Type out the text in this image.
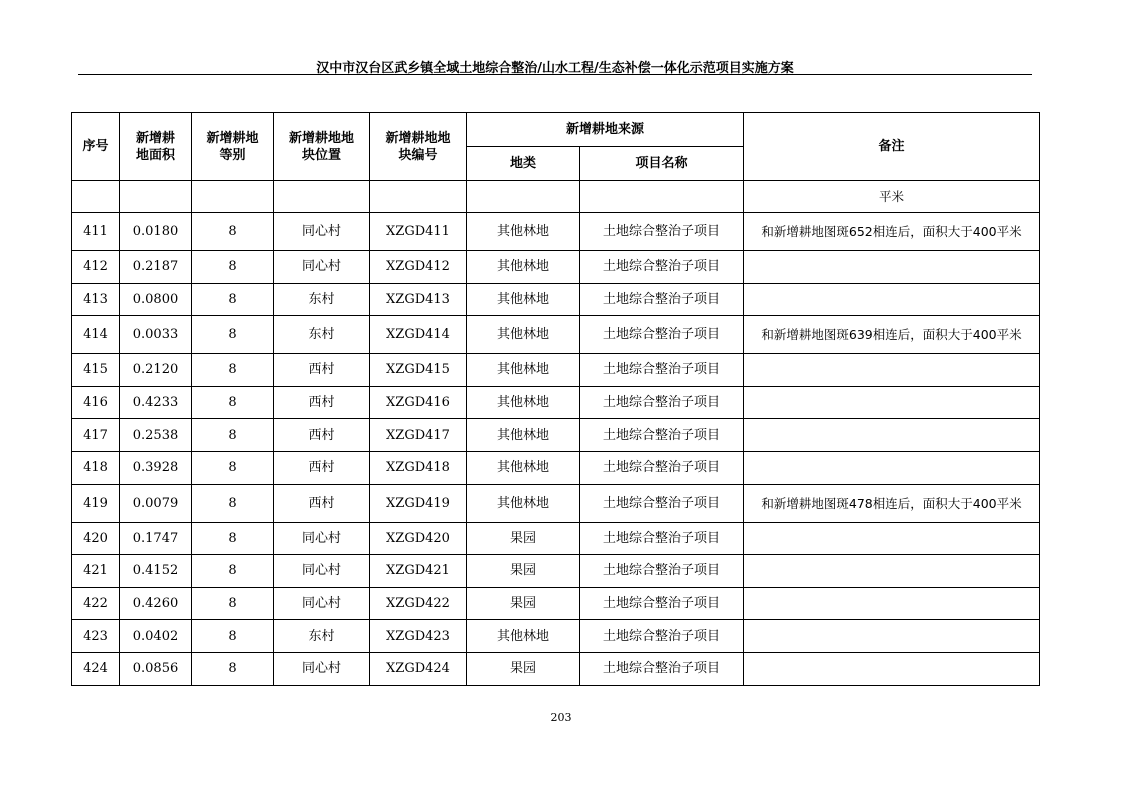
汉中市汉台区武乡镇全域土地综合整治/山水工程/生态补偿一体化示范项目实施方案
序号	新增耕地面积	新增耕地等别	新增耕地地块位置	新增耕地地块编号	新增耕地来源		备注
					地类	项目名称	
							平米
411	0.0180	8	同心村	XZGD411	其他林地	土地综合整治子项目	和新增耕地图斑652相连后，面积大于400平米
412	0.2187	8	同心村	XZGD412	其他林地	土地综合整治子项目	
413	0.0800	8	东村	XZGD413	其他林地	土地综合整治子项目	
414	0.0033	8	东村	XZGD414	其他林地	土地综合整治子项目	和新增耕地图斑639相连后，面积大于400平米
415	0.2120	8	西村	XZGD415	其他林地	土地综合整治子项目	
416	0.4233	8	西村	XZGD416	其他林地	土地综合整治子项目	
417	0.2538	8	西村	XZGD417	其他林地	土地综合整治子项目	
418	0.3928	8	西村	XZGD418	其他林地	土地综合整治子项目	
419	0.0079	8	西村	XZGD419	其他林地	土地综合整治子项目	和新增耕地图斑478相连后，面积大于400平米
420	0.1747	8	同心村	XZGD420	果园	土地综合整治子项目	
421	0.4152	8	同心村	XZGD421	果园	土地综合整治子项目	
422	0.4260	8	同心村	XZGD422	果园	土地综合整治子项目	
423	0.0402	8	东村	XZGD423	其他林地	土地综合整治子项目	
424	0.0856	8	同心村	XZGD424	果园	土地综合整治子项目	
203
